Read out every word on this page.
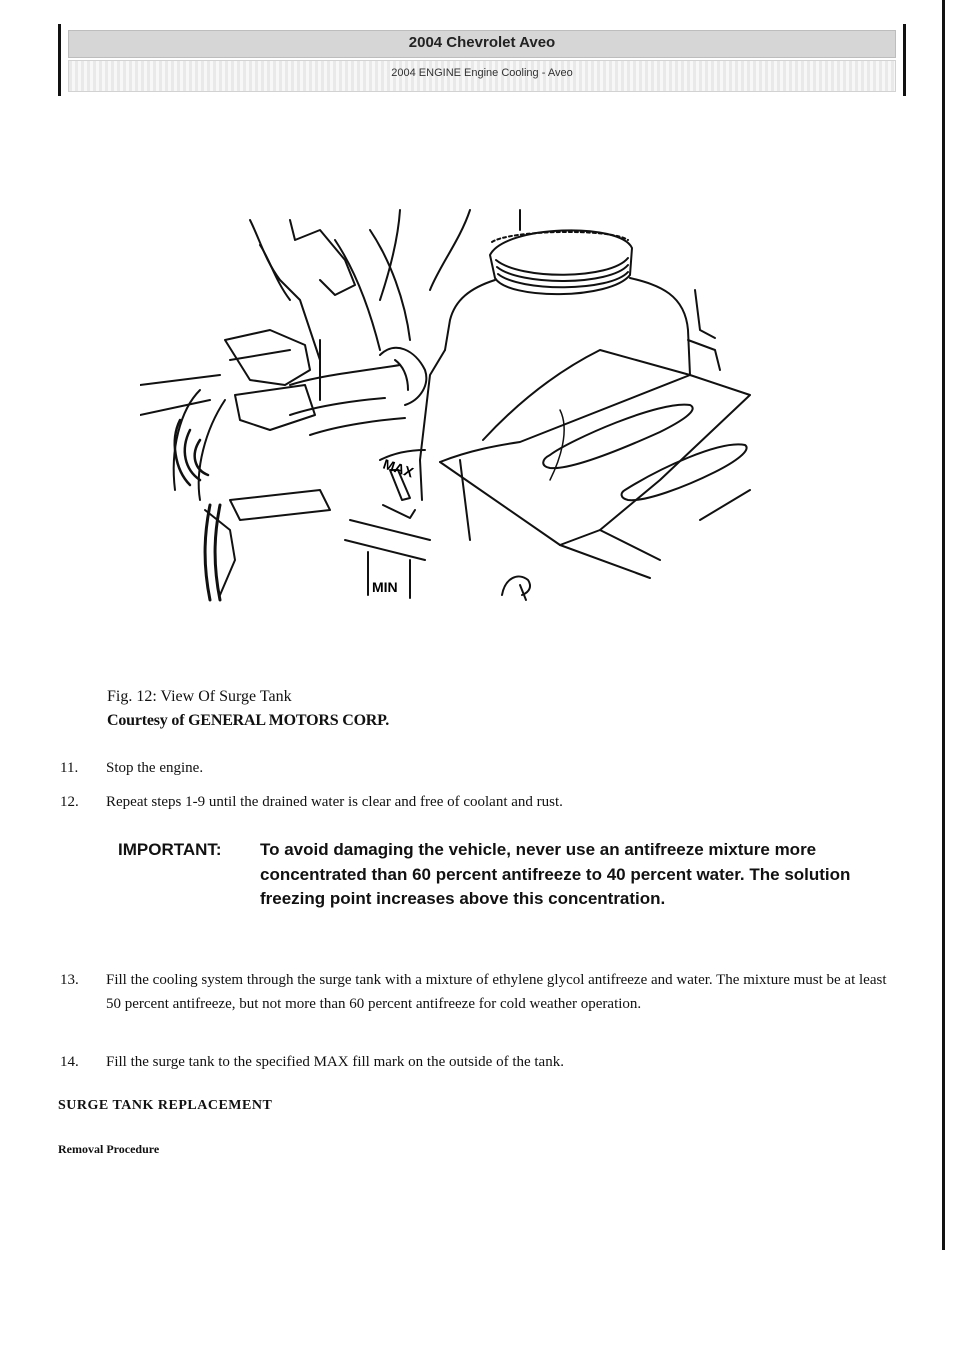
2004 Chevrolet Aveo
2004 ENGINE Engine Cooling - Aveo
MAX
MIN
Fig. 12: View Of Surge Tank
Courtesy of GENERAL MOTORS CORP.
11.	Stop the engine.
12.	Repeat steps 1-9 until the drained water is clear and free of coolant and rust.
IMPORTANT: To avoid damaging the vehicle, never use an antifreeze mixture more concentrated than 60 percent antifreeze to 40 percent water. The solution freezing point increases above this concentration.
13.	Fill the cooling system through the surge tank with a mixture of ethylene glycol antifreeze and water. The mixture must be at least 50 percent antifreeze, but not more than 60 percent antifreeze for cold weather operation.
14.	Fill the surge tank to the specified MAX fill mark on the outside of the tank.
SURGE TANK REPLACEMENT
Removal Procedure
